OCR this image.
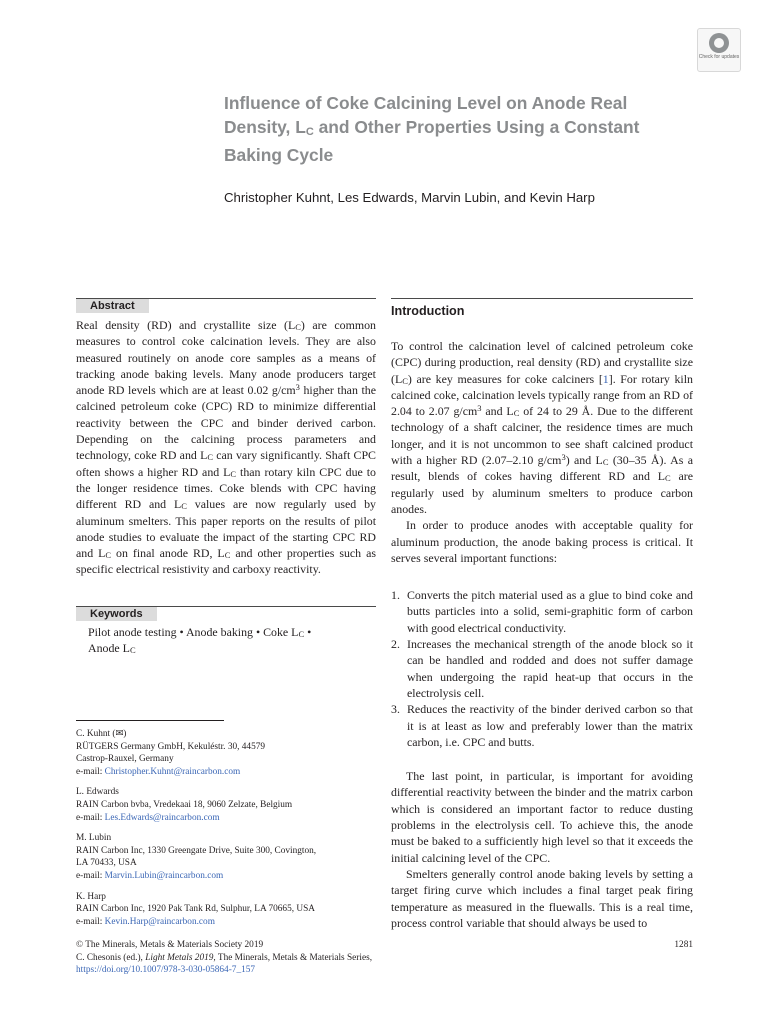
Check for updates
Influence of Coke Calcining Level on Anode Real Density, $L_C$ and Other Properties Using a Constant Baking Cycle

Christopher Kuhnt, Les Edwards, Marvin Lubin, and Kevin Harp

Abstract

Real density (RD) and crystallite size $(L_C)$ are common measures to control coke calcination levels. They are also measured routinely on anode core samples as a means of tracking anode baking levels. Many anode producers target anode RD levels which are at least 0.02 $g/cm^3$ higher than the calcined petroleum coke (CPC) RD to minimize differential reactivity between the CPC and binder derived carbon. Depending on the calcining process parameters and technology, coke RD and $L_C$ can vary significantly. Shaft CPC often shows a higher RD and $L_C$ than rotary kiln CPC due to the longer residence times. Coke blends with CPC having different RD and $L_C$ values are now regularly used by aluminum smelters. This paper reports on the results of pilot anode studies to evaluate the impact of the starting CPC RD and $L_C$ on final anode RD, $L_C$ and other properties such as specific electrical resistivity and carboxy reactivity.

Keywords
Pilot anode testing • Anode baking • Coke $L_C$ •
Anode $L_C$
C. Kuhnt (✉)
RÜTGERS Germany GmbH, Kekuléstr. 30, 44579
Castrop-Rauxel, Germany
e-mail: Christopher.Kuhnt@raincarbon.com
L. Edwards
RAIN Carbon bvba, Vredekaai 18, 9060 Zelzate, Belgium
e-mail: Les.Edwards@raincarbon.com
M. Lubin
RAIN Carbon Inc, 1330 Greengate Drive, Suite 300, Covington,
LA 70433, USA
e-mail: Marvin.Lubin@raincarbon.com
K. Harp
RAIN Carbon Inc, 1920 Pak Tank Rd, Sulphur, LA 70665, USA
e-mail: Kevin.Harp@raincarbon.com
Introduction

To control the calcination level of calcined petroleum coke (CPC) during production, real density (RD) and crystallite size $(L_C)$ are key measures for coke calciners [1]. For rotary kiln calcined coke, calcination levels typically range from an RD of 2.04 to 2.07 $g/cm^3$ and $L_C$ of 24 to 29 Å. Due to the different technology of a shaft calciner, the residence times are much longer, and it is not uncommon to see shaft calcined product with a higher RD (2.07–2.10 $g/cm^3$) and $L_C$ (30–35 Å). As a result, blends of cokes having different RD and $L_C$ are regularly used by aluminum smelters to produce carbon anodes.

In order to produce anodes with acceptable quality for aluminum production, the anode baking process is critical. It serves several important functions:

1. Converts the pitch material used as a glue to bind coke and butts particles into a solid, semi-graphitic form of carbon with good electrical conductivity.
2. Increases the mechanical strength of the anode block so it can be handled and rodded and does not suffer damage when undergoing the rapid heat-up that occurs in the electrolysis cell.
3. Reduces the reactivity of the binder derived carbon so that it is at least as low and preferably lower than the matrix carbon, i.e. CPC and butts.

The last point, in particular, is important for avoiding differential reactivity between the binder and the matrix carbon which is considered an important factor to reduce dusting problems in the electrolysis cell. To achieve this, the anode must be baked to a sufficiently high level so that it exceeds the initial calcining level of the CPC.

Smelters generally control anode baking levels by setting a target firing curve which includes a final target peak firing temperature as measured in the fluewalls. This is a real time, process control variable that should always be used to

© The Minerals, Metals & Materials Society 2019
C. Chesonis (ed.), Light Metals 2019, The Minerals, Metals & Materials Series,
https://doi.org/10.1007/978-3-030-05864-7_157
1281
